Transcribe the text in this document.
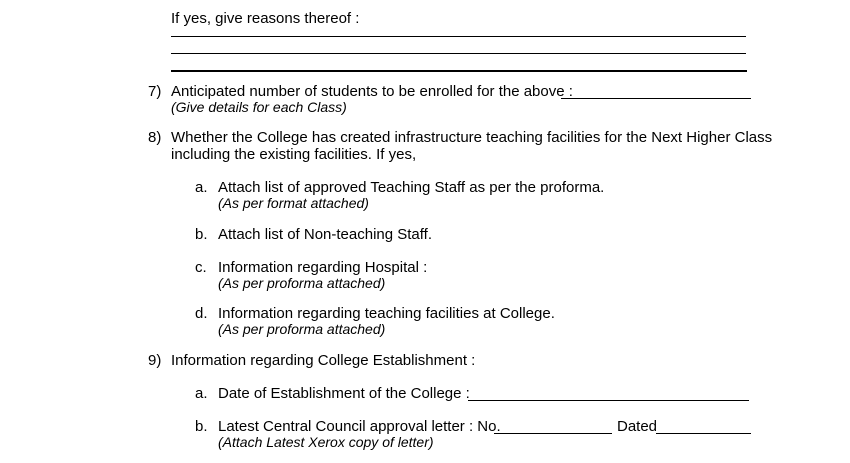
If yes, give reasons thereof :
7) Anticipated number of students to be enrolled for the above :
(Give details for each Class)
8) Whether the College has created infrastructure teaching facilities for the Next Higher Class
including the existing facilities. If yes,
a. Attach list of approved Teaching Staff as per the proforma.
(As per format attached)
b. Attach list of Non-teaching Staff.
c. Information regarding Hospital :
(As per proforma attached)
d. Information regarding teaching facilities at College.
(As per proforma attached)
9) Information regarding College Establishment :
a. Date of Establishment of the College :
b. Latest Central Council approval letter : No.	Dated
(Attach Latest Xerox copy of letter)
